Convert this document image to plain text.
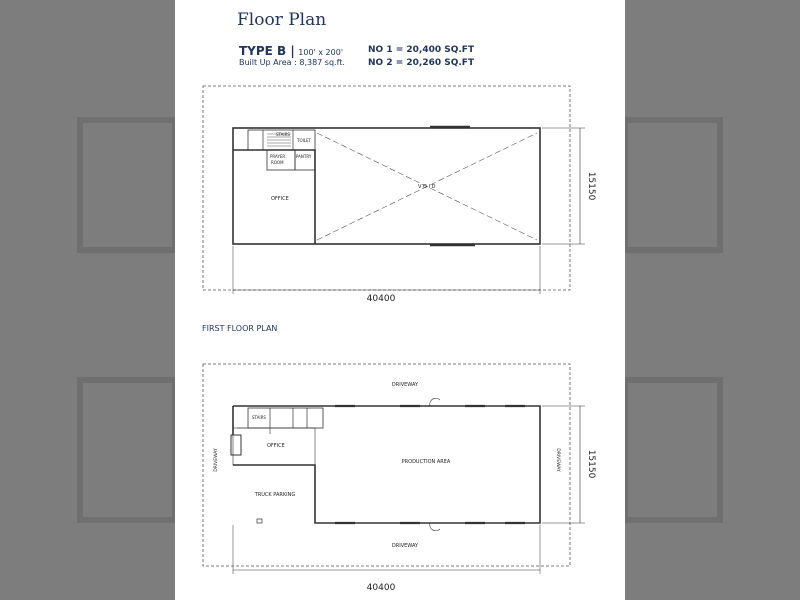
Floor Plan
TYPE B | 100' x 200'
Built Up Area : 8,387 sq.ft.
NO 1 = 20,400 SQ.FT
NO 2 = 20,260 SQ.FT
STAIRS
TOILET
PRAYER
ROOM
PANTRY
OFFICE
V O I D
40400
15150
FIRST FLOOR PLAN
DRIVEWAY
STAIRS
OFFICE
PRODUCTION AREA
TRUCK PARKING
DRIVEWAY	DRIVEWAY
DRIVEWAY
40400
15150
